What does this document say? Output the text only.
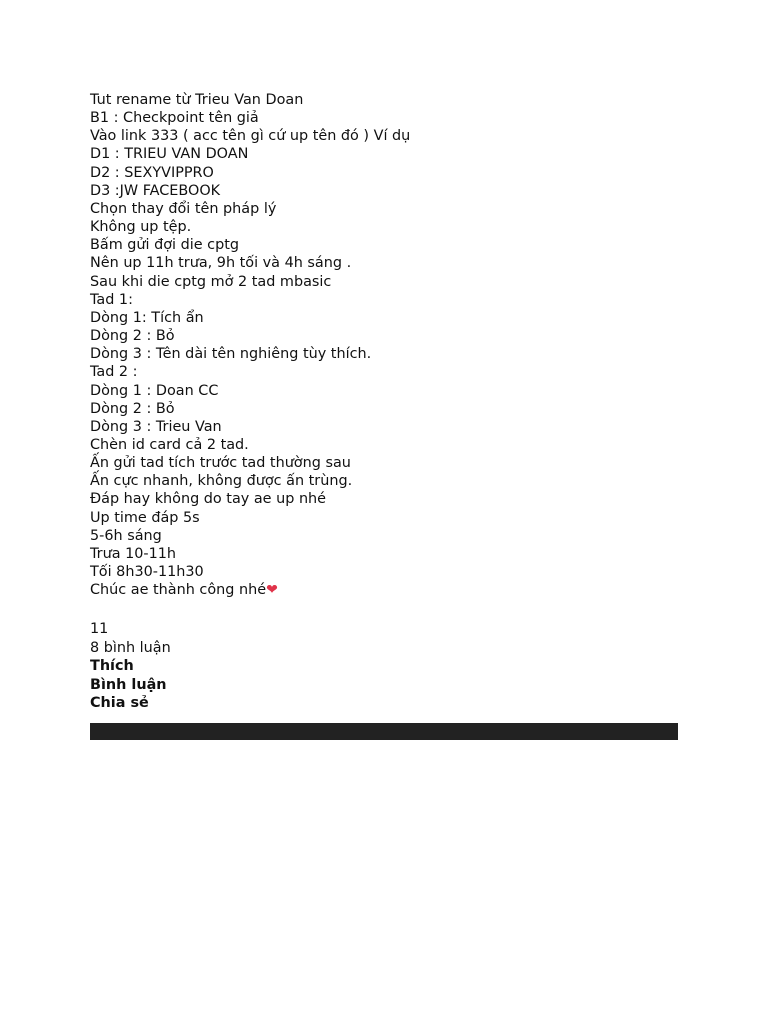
Tut rename từ Trieu Van Doan
B1 : Checkpoint tên giả
Vào link 333 ( acc tên gì cứ up tên đó ) Ví dụ
D1 : TRIEU VAN DOAN
D2 : SEXYVIPPRO
D3 :JW FACEBOOK
Chọn thay đổi tên pháp lý
Không up tệp.
Bấm gửi đợi die cptg
Nên up 11h trưa, 9h tối và 4h sáng .
Sau khi die cptg mở 2 tad mbasic
Tad 1:
Dòng 1: Tích ẩn
Dòng 2 : Bỏ
Dòng 3 : Tên dài tên nghiêng tùy thích.
Tad 2 :
Dòng 1 : Doan CC
Dòng 2 : Bỏ
Dòng 3 : Trieu Van
Chèn id card cả 2 tad.
Ấn gửi tad tích trước tad thường sau
Ấn cực nhanh, không được ấn trùng.
Đáp hay không do tay ae up nhé
Up time đáp 5s
5-6h sáng
Trưa 10-11h
Tối 8h30-11h30
Chúc ae thành công nhé❤
11
8 bình luận
Thích
Bình luận
Chia sẻ
